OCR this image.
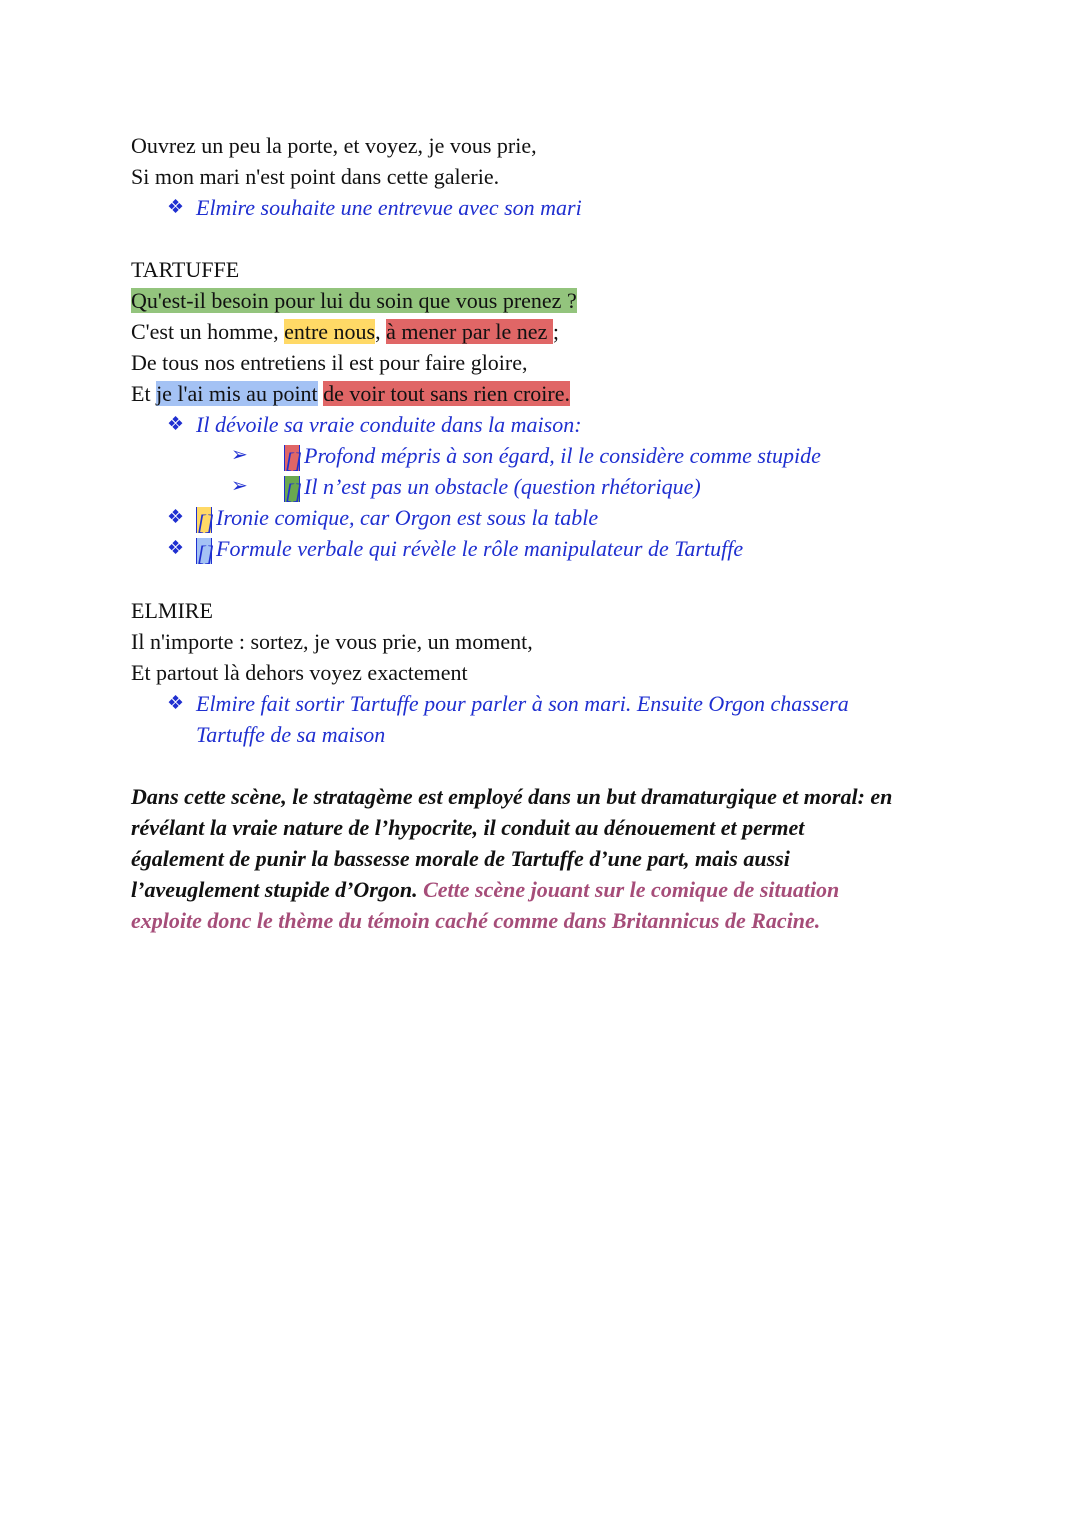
Ouvrez un peu la porte, et voyez, je vous prie,
Si mon mari n'est point dans cette galerie.
❖ Elmire souhaite une entrevue avec son mari
TARTUFFE
Qu'est-il besoin pour lui du soin que vous prenez ?
C'est un homme, entre nous, à mener par le nez ;
De tous nos entretiens il est pour faire gloire,
Et je l'ai mis au point de voir tout sans rien croire.
❖ Il dévoile sa vraie conduite dans la maison:
➢ []Profond mépris à son égard, il le considère comme stupide
➢ []Il n’est pas un obstacle (question rhétorique)
❖ []Ironie comique, car Orgon est sous la table
❖ []Formule verbale qui révèle le rôle manipulateur de Tartuffe
ELMIRE
Il n'importe : sortez, je vous prie, un moment,
Et partout là dehors voyez exactement
❖ Elmire fait sortir Tartuffe pour parler à son mari. Ensuite Orgon chassera
Tartuffe de sa maison
Dans cette scène, le stratagème est employé dans un but dramaturgique et moral: en
révélant la vraie nature de l’hypocrite, il conduit au dénouement et permet
également de punir la bassesse morale de Tartuffe d’une part, mais aussi
l’aveuglement stupide d’Orgon. Cette scène jouant sur le comique de situation
exploite donc le thème du témoin caché comme dans Britannicus de Racine.
